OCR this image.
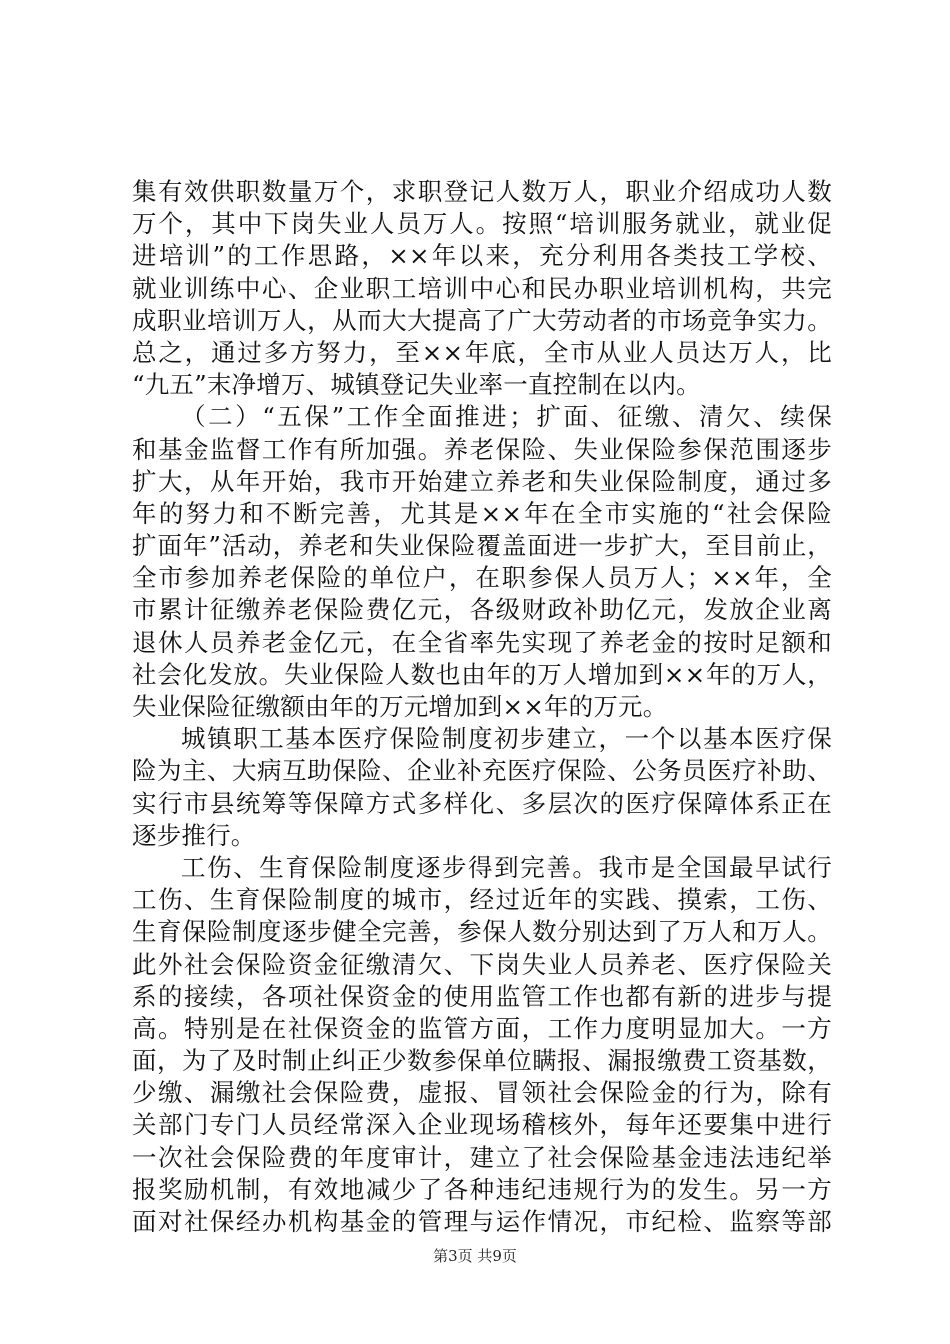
集有效供职数量万个，求职登记人数万人，职业介绍成功人数
万个，其中下岗失业人员万人。按照“培训服务就业，就业促
进培训”的工作思路，××年以来，充分利用各类技工学校、
就业训练中心、企业职工培训中心和民办职业培训机构，共完
成职业培训万人，从而大大提高了广大劳动者的市场竞争实力。
总之，通过多方努力，至××年底，全市从业人员达万人，比
“九五”末净增万、城镇登记失业率一直控制在以内。
（二）“五保”工作全面推进；扩面、征缴、清欠、续保
和基金监督工作有所加强。养老保险、失业保险参保范围逐步
扩大，从年开始，我市开始建立养老和失业保险制度，通过多
年的努力和不断完善，尤其是××年在全市实施的“社会保险
扩面年”活动，养老和失业保险覆盖面进一步扩大，至目前止，
全市参加养老保险的单位户，在职参保人员万人；××年，全
市累计征缴养老保险费亿元，各级财政补助亿元，发放企业离
退休人员养老金亿元，在全省率先实现了养老金的按时足额和
社会化发放。失业保险人数也由年的万人增加到××年的万人，
失业保险征缴额由年的万元增加到××年的万元。
城镇职工基本医疗保险制度初步建立，一个以基本医疗保
险为主、大病互助保险、企业补充医疗保险、公务员医疗补助、
实行市县统筹等保障方式多样化、多层次的医疗保障体系正在
逐步推行。
工伤、生育保险制度逐步得到完善。我市是全国最早试行
工伤、生育保险制度的城市，经过近年的实践、摸索，工伤、
生育保险制度逐步健全完善，参保人数分别达到了万人和万人。
此外社会保险资金征缴清欠、下岗失业人员养老、医疗保险关
系的接续，各项社保资金的使用监管工作也都有新的进步与提
高。特别是在社保资金的监管方面，工作力度明显加大。一方
面，为了及时制止纠正少数参保单位瞒报、漏报缴费工资基数，
少缴、漏缴社会保险费，虚报、冒领社会保险金的行为，除有
关部门专门人员经常深入企业现场稽核外，每年还要集中进行
一次社会保险费的年度审计，建立了社会保险基金违法违纪举
报奖励机制，有效地减少了各种违纪违规行为的发生。另一方
面对社保经办机构基金的管理与运作情况，市纪检、监察等部
第3页 共9页
